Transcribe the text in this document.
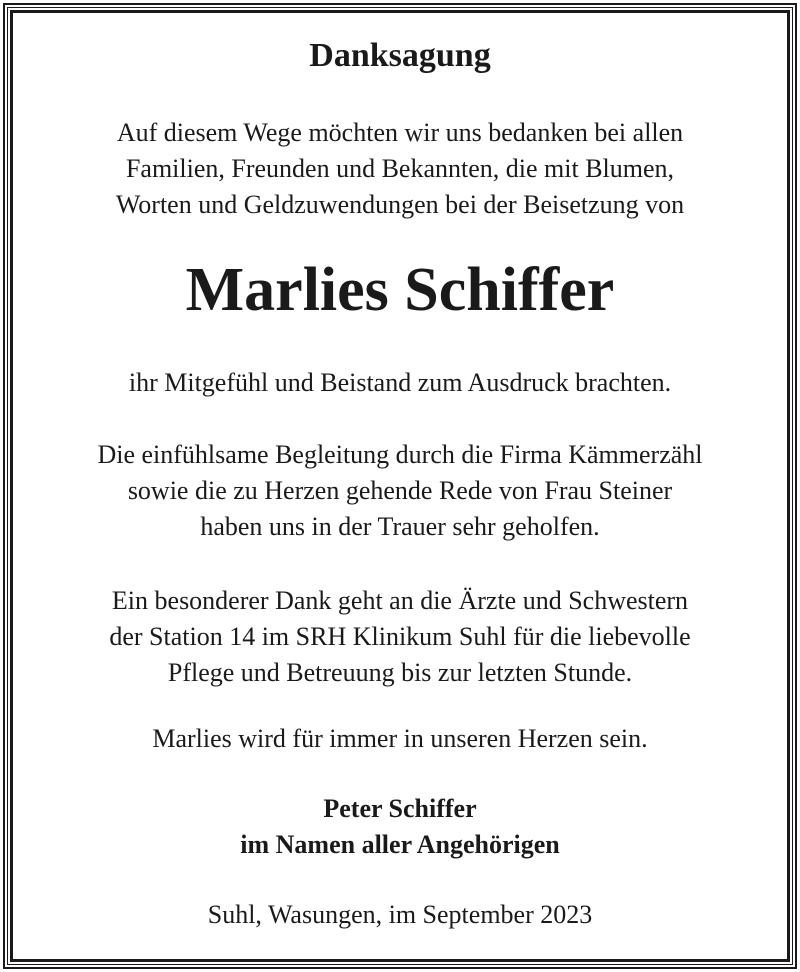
Danksagung
Auf diesem Wege möchten wir uns bedanken bei allen
Familien, Freunden und Bekannten, die mit Blumen,
Worten und Geldzuwendungen bei der Beisetzung von
Marlies Schiffer
ihr Mitgefühl und Beistand zum Ausdruck brachten.
Die einfühlsame Begleitung durch die Firma Kämmerzähl
sowie die zu Herzen gehende Rede von Frau Steiner
haben uns in der Trauer sehr geholfen.
Ein besonderer Dank geht an die Ärzte und Schwestern
der Station 14 im SRH Klinikum Suhl für die liebevolle
Pflege und Betreuung bis zur letzten Stunde.
Marlies wird für immer in unseren Herzen sein.
Peter Schiffer
im Namen aller Angehörigen
Suhl, Wasungen, im September 2023
